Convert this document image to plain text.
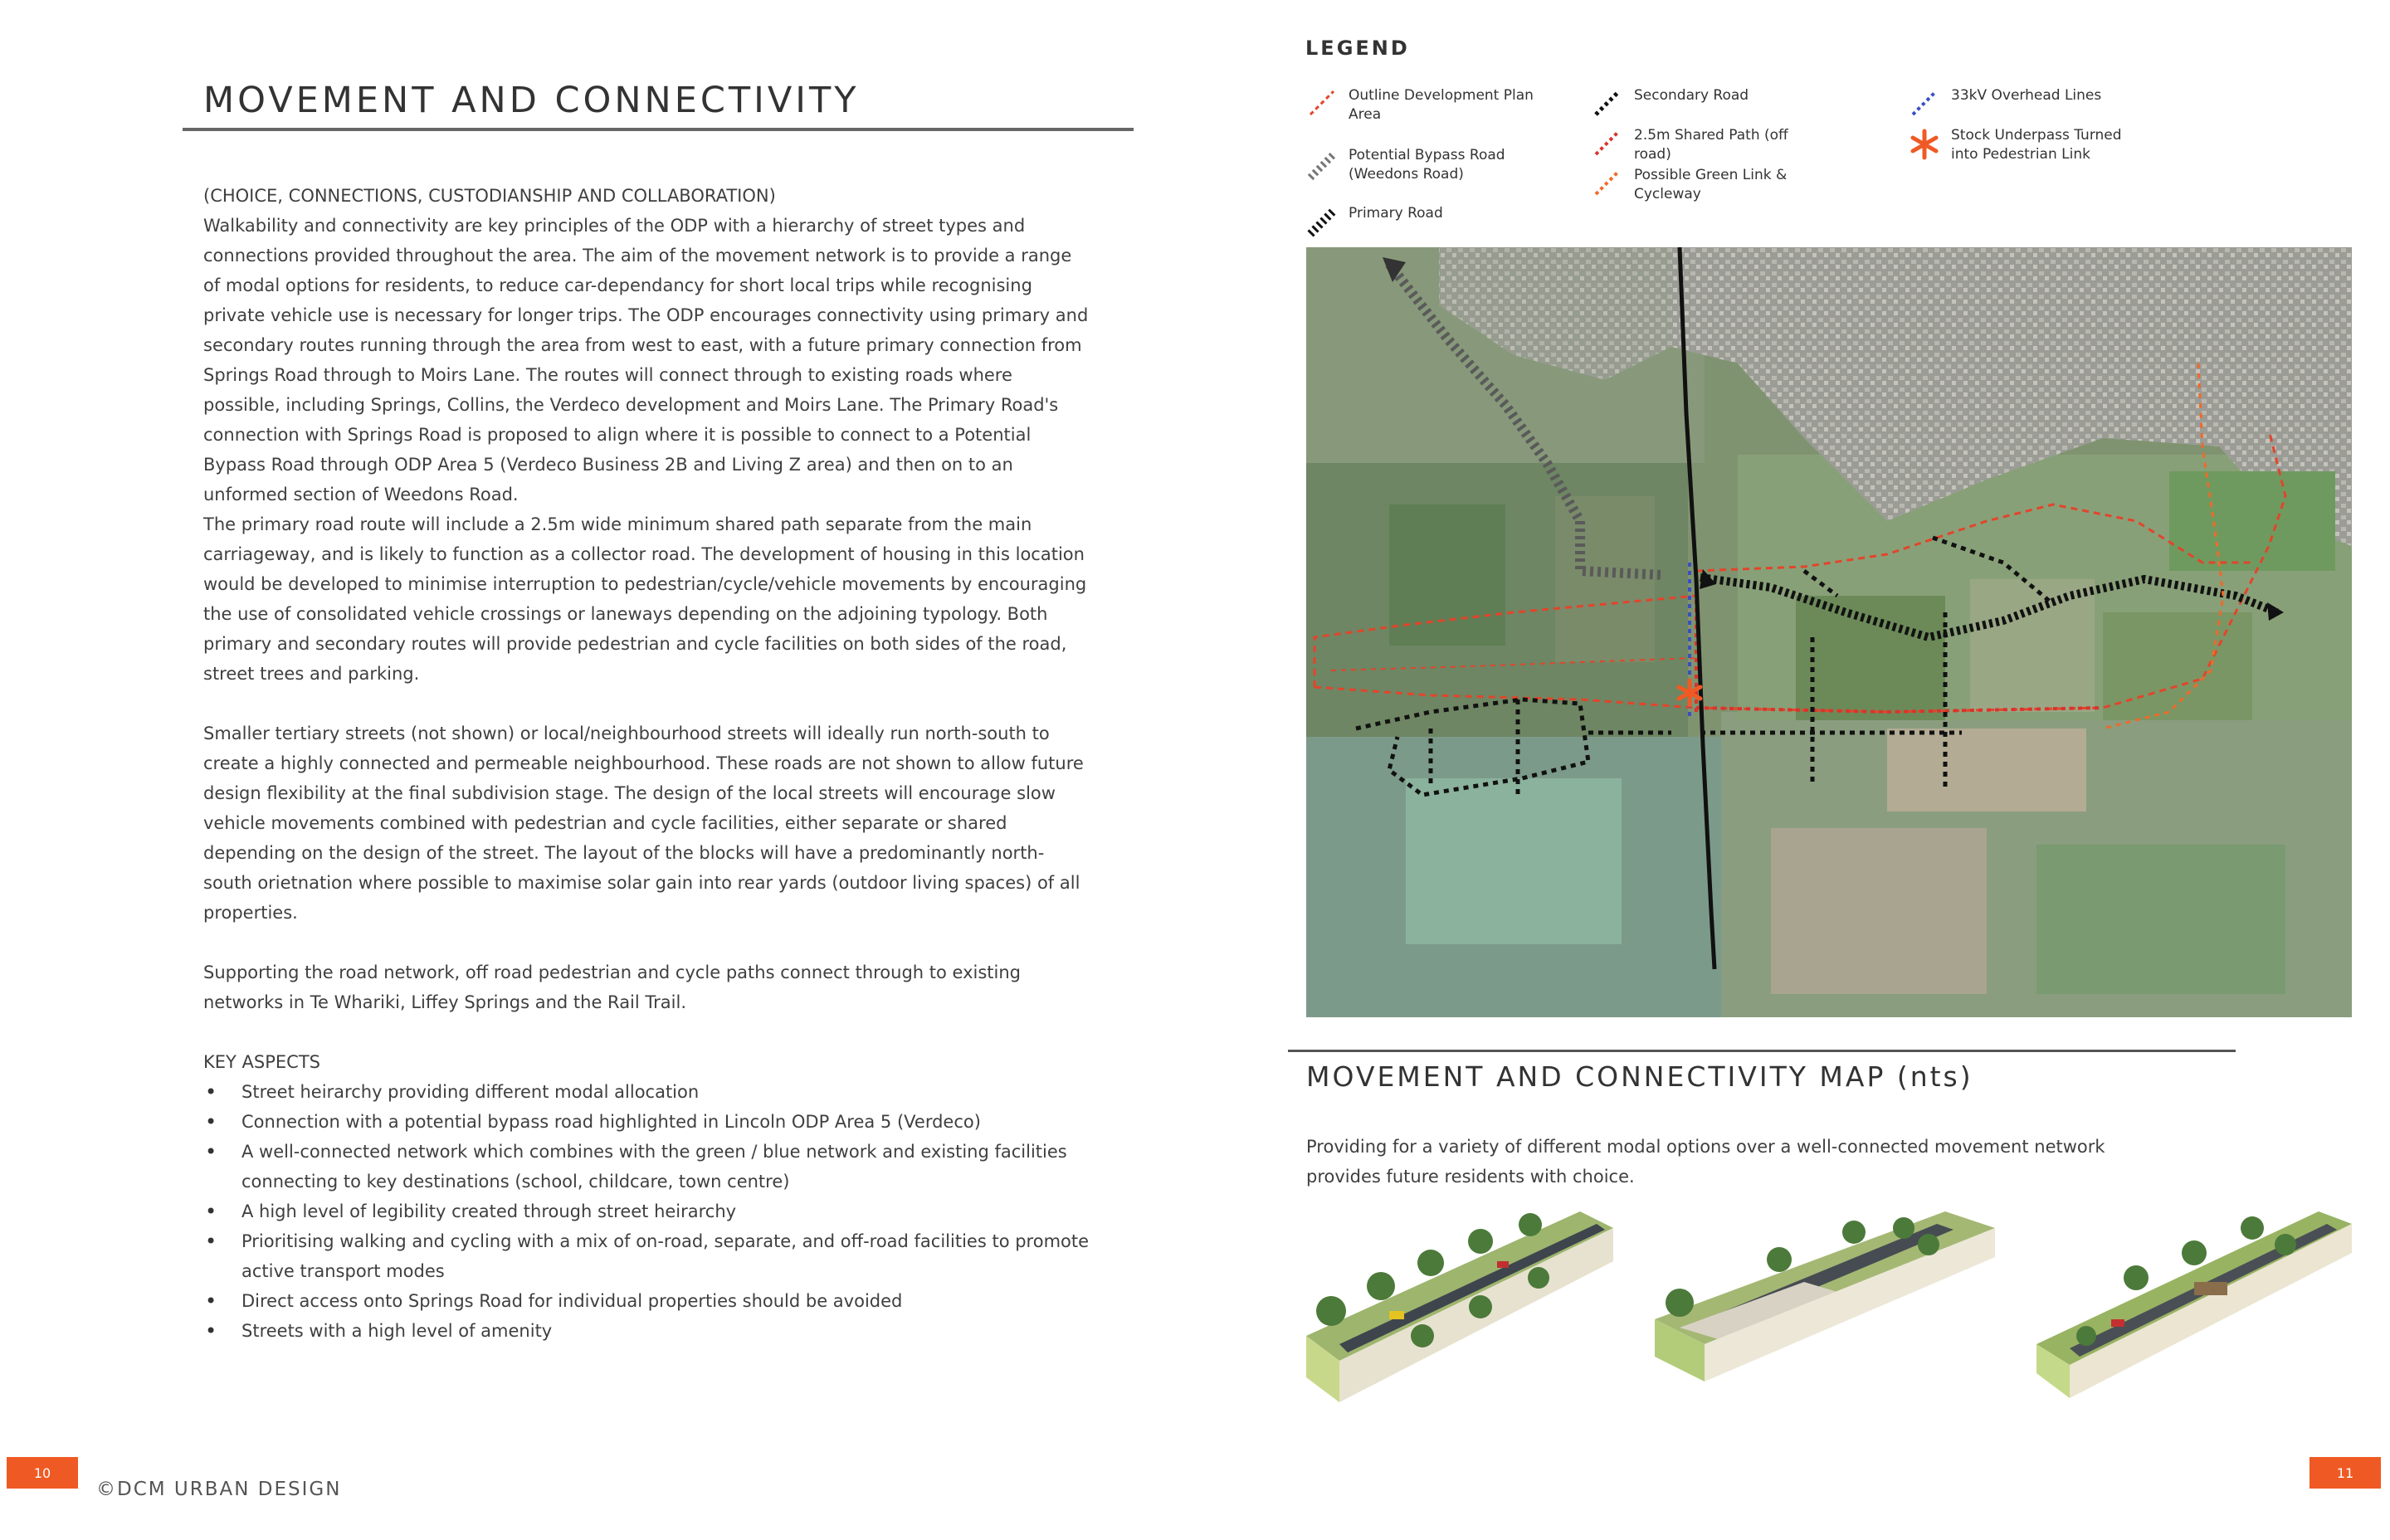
MOVEMENT AND CONNECTIVITY

(CHOICE, CONNECTIONS, CUSTODIANSHIP AND COLLABORATION)

Walkability and connectivity are key principles of the ODP with a hierarchy of street types and connections provided throughout the area. The aim of the movement network is to provide a range of modal options for residents, to reduce car-dependancy for short local trips while recognising private vehicle use is necessary for longer trips. The ODP encourages connectivity using primary and secondary routes running through the area from west to east, with a future primary connection from Springs Road through to Moirs Lane. The routes will connect through to existing roads where possible, including Springs, Collins, the Verdeco development and Moirs Lane. The Primary Road's connection with Springs Road is proposed to align where it is possible to connect to a Potential Bypass Road through ODP Area 5 (Verdeco Business 2B and Living Z area) and then on to an unformed section of Weedons Road.

The primary road route will include a 2.5m wide minimum shared path separate from the main carriageway, and is likely to function as a collector road. The development of housing in this location would be developed to minimise interruption to pedestrian/cycle/vehicle movements by encouraging the use of consolidated vehicle crossings or laneways depending on the adjoining typology. Both primary and secondary routes will provide pedestrian and cycle facilities on both sides of the road, street trees and parking.

Smaller tertiary streets (not shown) or local/neighbourhood streets will ideally run north-south to create a highly connected and permeable neighbourhood. These roads are not shown to allow future design flexibility at the final subdivision stage. The design of the local streets will encourage slow vehicle movements combined with pedestrian and cycle facilities, either separate or shared depending on the design of the street. The layout of the blocks will have a predominantly north-south orietnation where possible to maximise solar gain into rear yards (outdoor living spaces) of all properties.

Supporting the road network, off road pedestrian and cycle paths connect through to existing networks in Te Whariki, Liffey Springs and the Rail Trail.

KEY ASPECTS

• Street heirarchy providing different modal allocation
• Connection with a potential bypass road highlighted in Lincoln ODP Area 5 (Verdeco)
• A well-connected network which combines with the green / blue network and existing facilities connecting to key destinations (school, childcare, town centre)
• A high level of legibility created through street heirarchy
• Prioritising walking and cycling with a mix of on-road, separate, and off-road facilities to promote active transport modes
• Direct access onto Springs Road for individual properties should be avoided
• Streets with a high level of amenity
10
©DCM URBAN DESIGN
LEGEND
Outline Development Plan Area
Potential Bypass Road (Weedons Road)
Primary Road
Secondary Road
2.5m Shared Path (off road)
Possible Green Link & Cycleway
33kV Overhead Lines
Stock Underpass Turned into Pedestrian Link
MOVEMENT AND CONNECTIVITY MAP (nts)
Providing for a variety of different modal options over a well-connected movement network provides future residents with choice.
11
